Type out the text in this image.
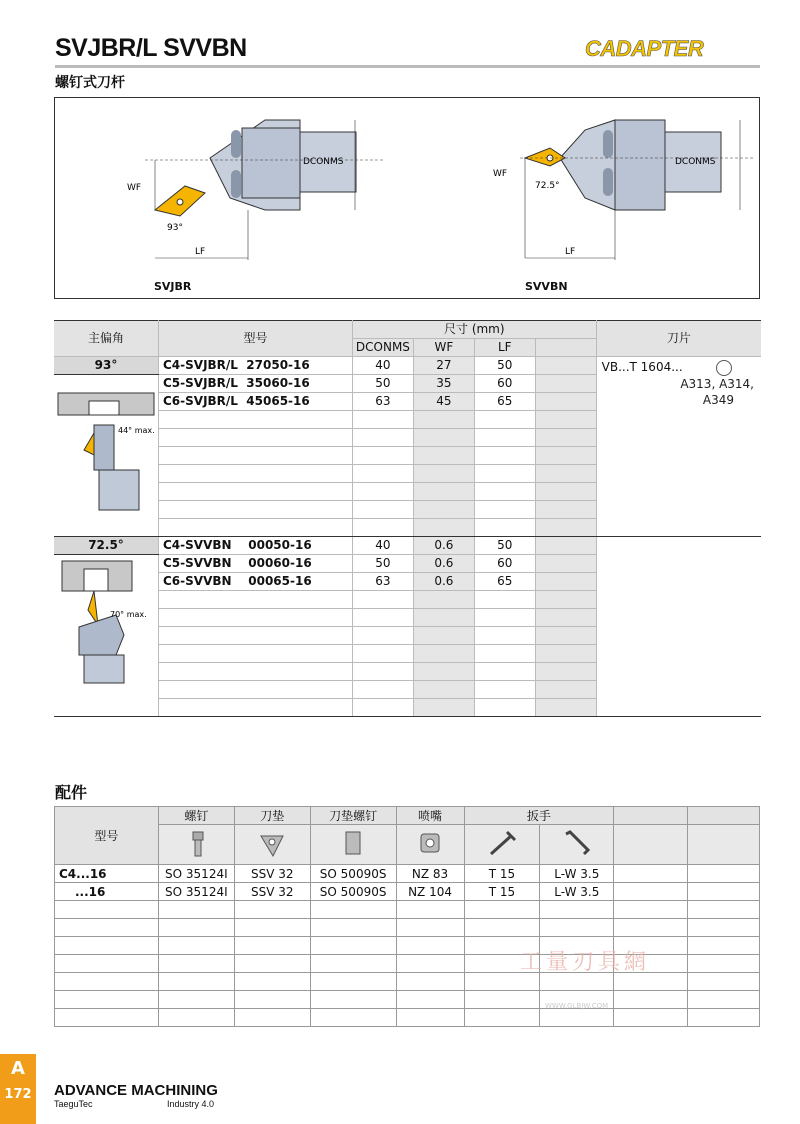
SVJBR/L SVVBN
螺钉式刀杆
CADAPTER
WF
93°
LF
DCONMS
WF
72.5°
LF
DCONMS
SVJBR	SVVBN
主偏角	型号	尺寸 (mm)				刀片
		DCONMS	WF	LF		
93°	C4-SVJBR/L  27050-16	40	27	50		VB...T 1604...

A313, A314,
A349

44° max.	C5-SVJBR/L  35060-16	50	35	60		
	C6-SVJBR/L  45065-16	63	45	65		

72.5°	C4-SVVBN    00050-16	40	0.6	50		

70° max.	C5-SVVBN    00060-16	50	0.6	60		
	C6-SVVBN    00065-16	63	0.6	65		

配件
型号	螺钉	刀垫	刀垫螺钉	喷嘴	扳手			

C4...16	SO 35124I	SSV 32	SO 50090S	NZ 83	T 15	L-W 3.5		
...16	SO 35124I	SSV 32	SO 50090S	NZ 104	T 15	L-W 3.5		

工量刃具網
WWW.GLBJW.COM
A
172 ADVANCE MACHINING
TaeguTec	Industry 4.0
